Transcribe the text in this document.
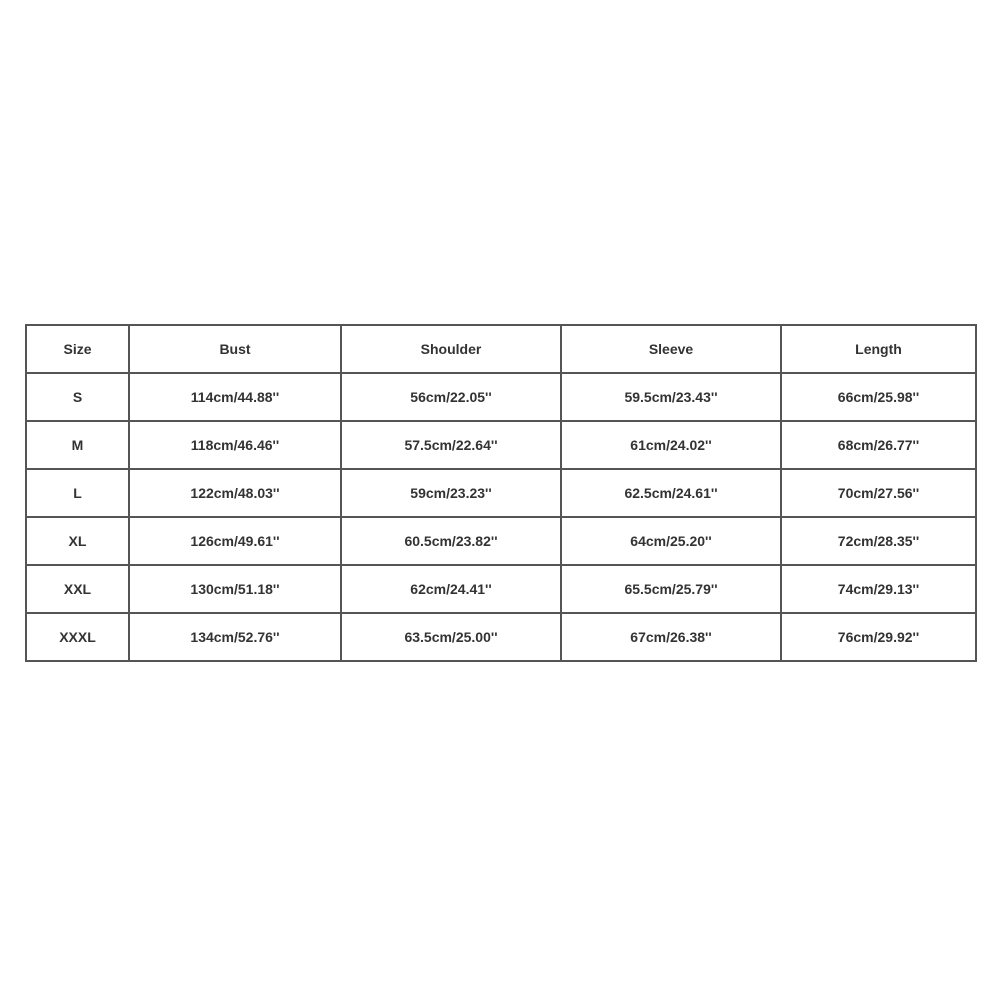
Size	Bust	Shoulder	Sleeve	Length
S	114cm/44.88''	56cm/22.05''	59.5cm/23.43''	66cm/25.98''
M	118cm/46.46''	57.5cm/22.64''	61cm/24.02''	68cm/26.77''
L	122cm/48.03''	59cm/23.23''	62.5cm/24.61''	70cm/27.56''
XL	126cm/49.61''	60.5cm/23.82''	64cm/25.20''	72cm/28.35''
XXL	130cm/51.18''	62cm/24.41''	65.5cm/25.79''	74cm/29.13''
XXXL	134cm/52.76''	63.5cm/25.00''	67cm/26.38''	76cm/29.92''
